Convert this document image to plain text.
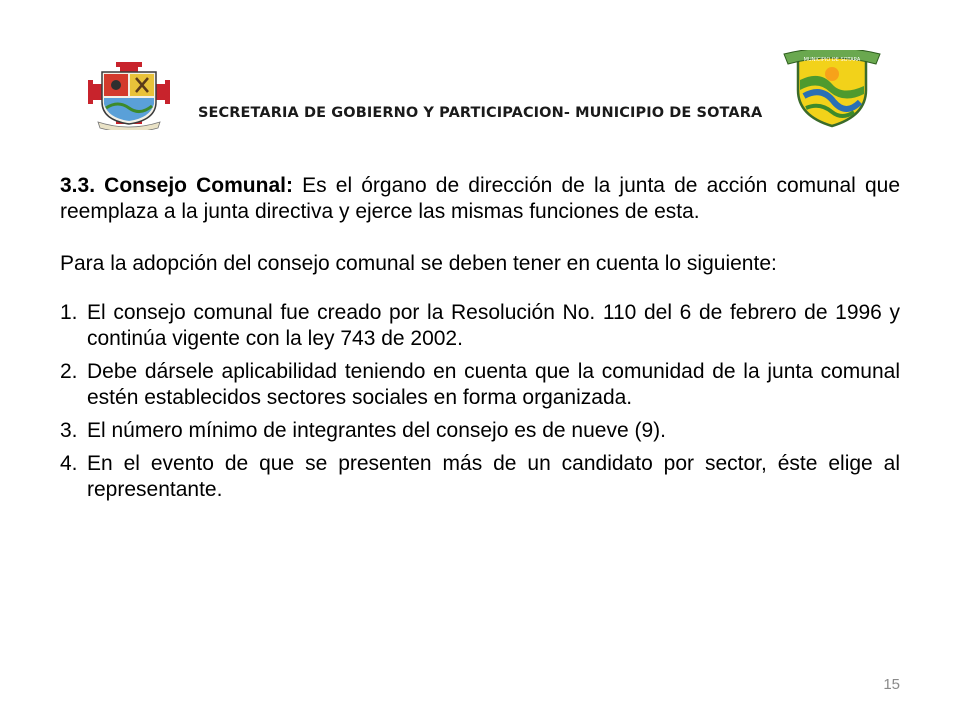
SECRETARIA DE GOBIERNO Y PARTICIPACION- MUNICIPIO DE SOTARA
MUNICIPIO DE SOTARA

3.3. Consejo Comunal: Es el órgano de dirección de la junta de acción comunal que reemplaza a la junta directiva y ejerce las mismas funciones de esta.

Para la adopción del consejo comunal se deben tener en cuenta lo siguiente:

1. El consejo comunal fue creado por la Resolución No. 110 del 6 de febrero de 1996 y continúa vigente con la ley 743 de 2002.
2. Debe dársele aplicabilidad teniendo en cuenta que la comunidad de la junta comunal estén establecidos sectores sociales en forma organizada.
3. El número mínimo de integrantes del consejo es de nueve (9).
4. En el evento de que se presenten más de un candidato por sector, éste elige al representante.
15
